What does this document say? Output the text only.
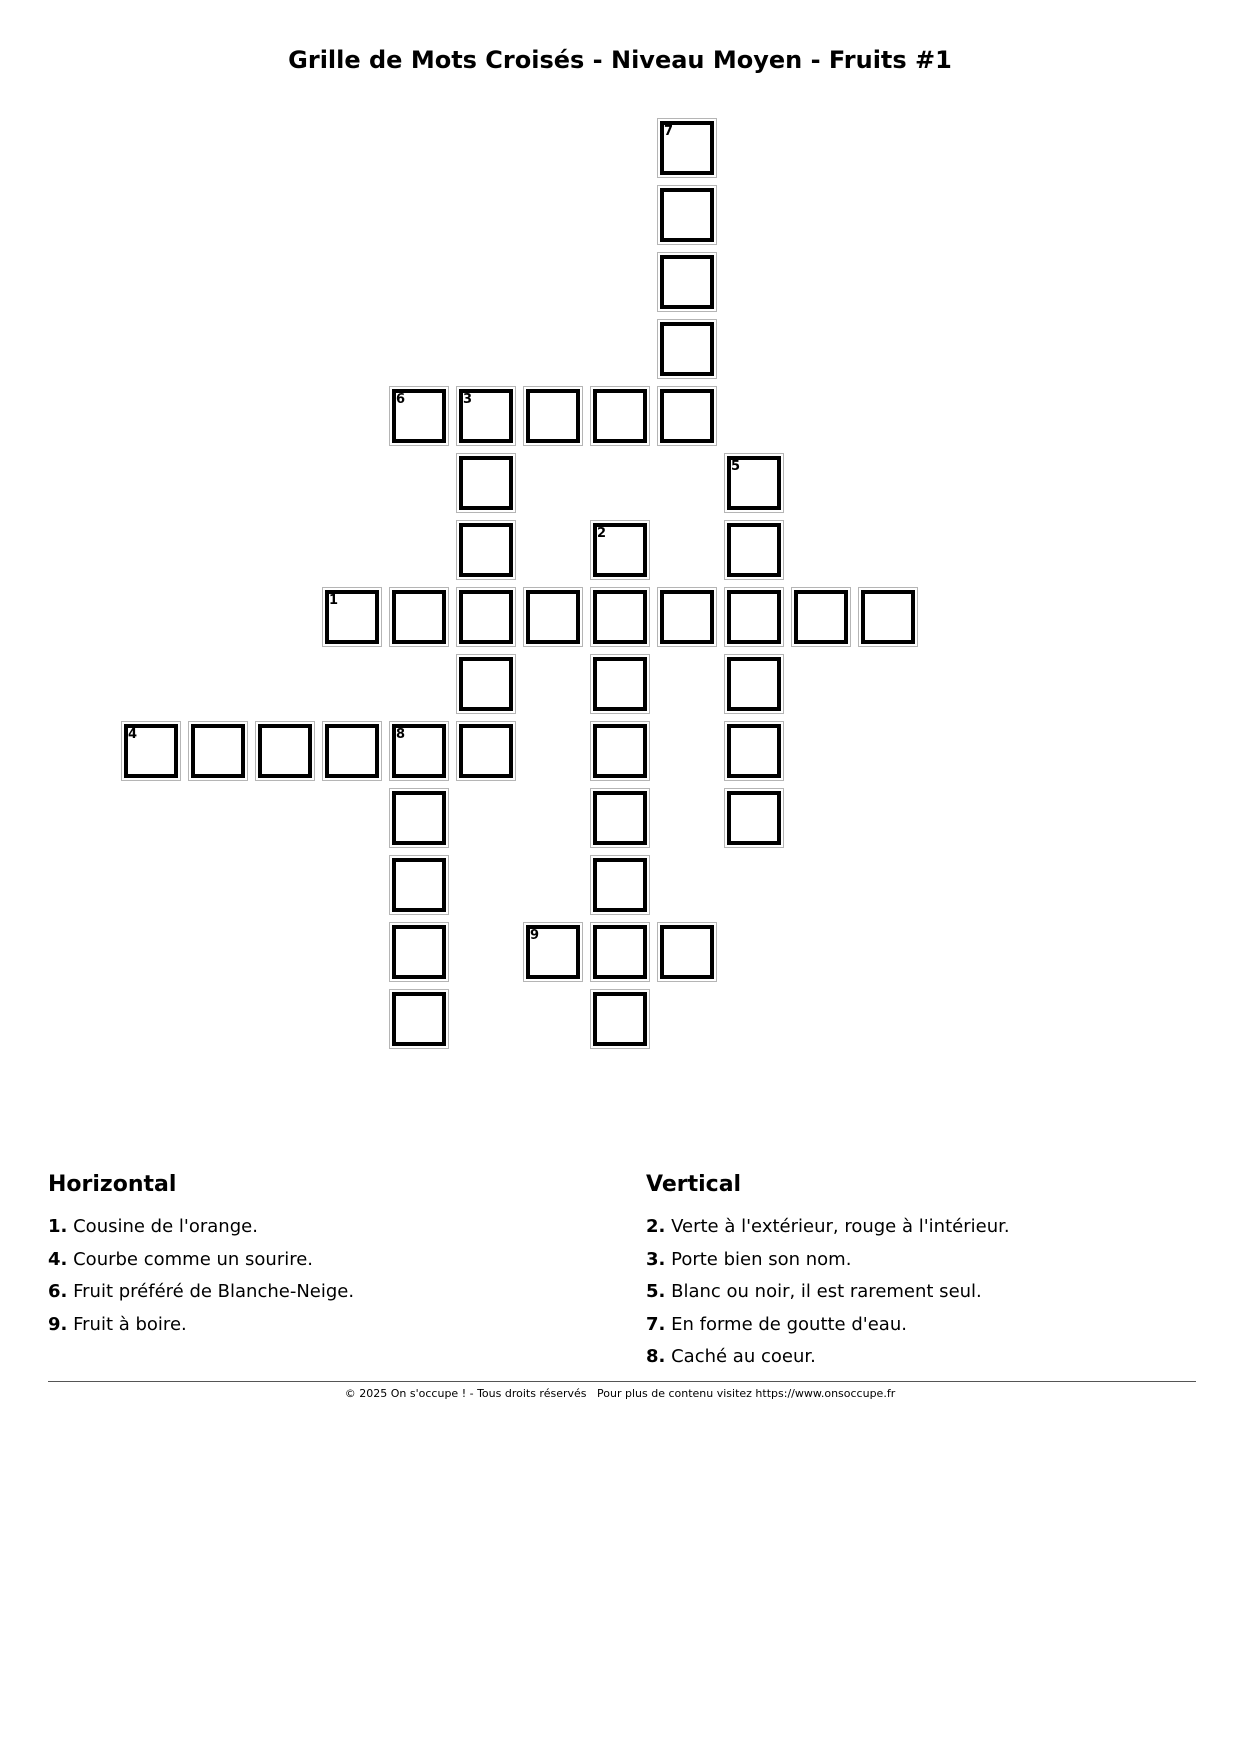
Grille de Mots Croisés - Niveau Moyen - Fruits #1
7
6	3
5
2
1
4	8
9
Horizontal
1. Cousine de l'orange.
4. Courbe comme un sourire.
6. Fruit préféré de Blanche-Neige.
9. Fruit à boire.
Vertical
2. Verte à l'extérieur, rouge à l'intérieur.
3. Porte bien son nom.
5. Blanc ou noir, il est rarement seul.
7. En forme de goutte d'eau.
8. Caché au coeur.
© 2025 On s'occupe ! - Tous droits réservés Pour plus de contenu visitez https://www.onsoccupe.fr
